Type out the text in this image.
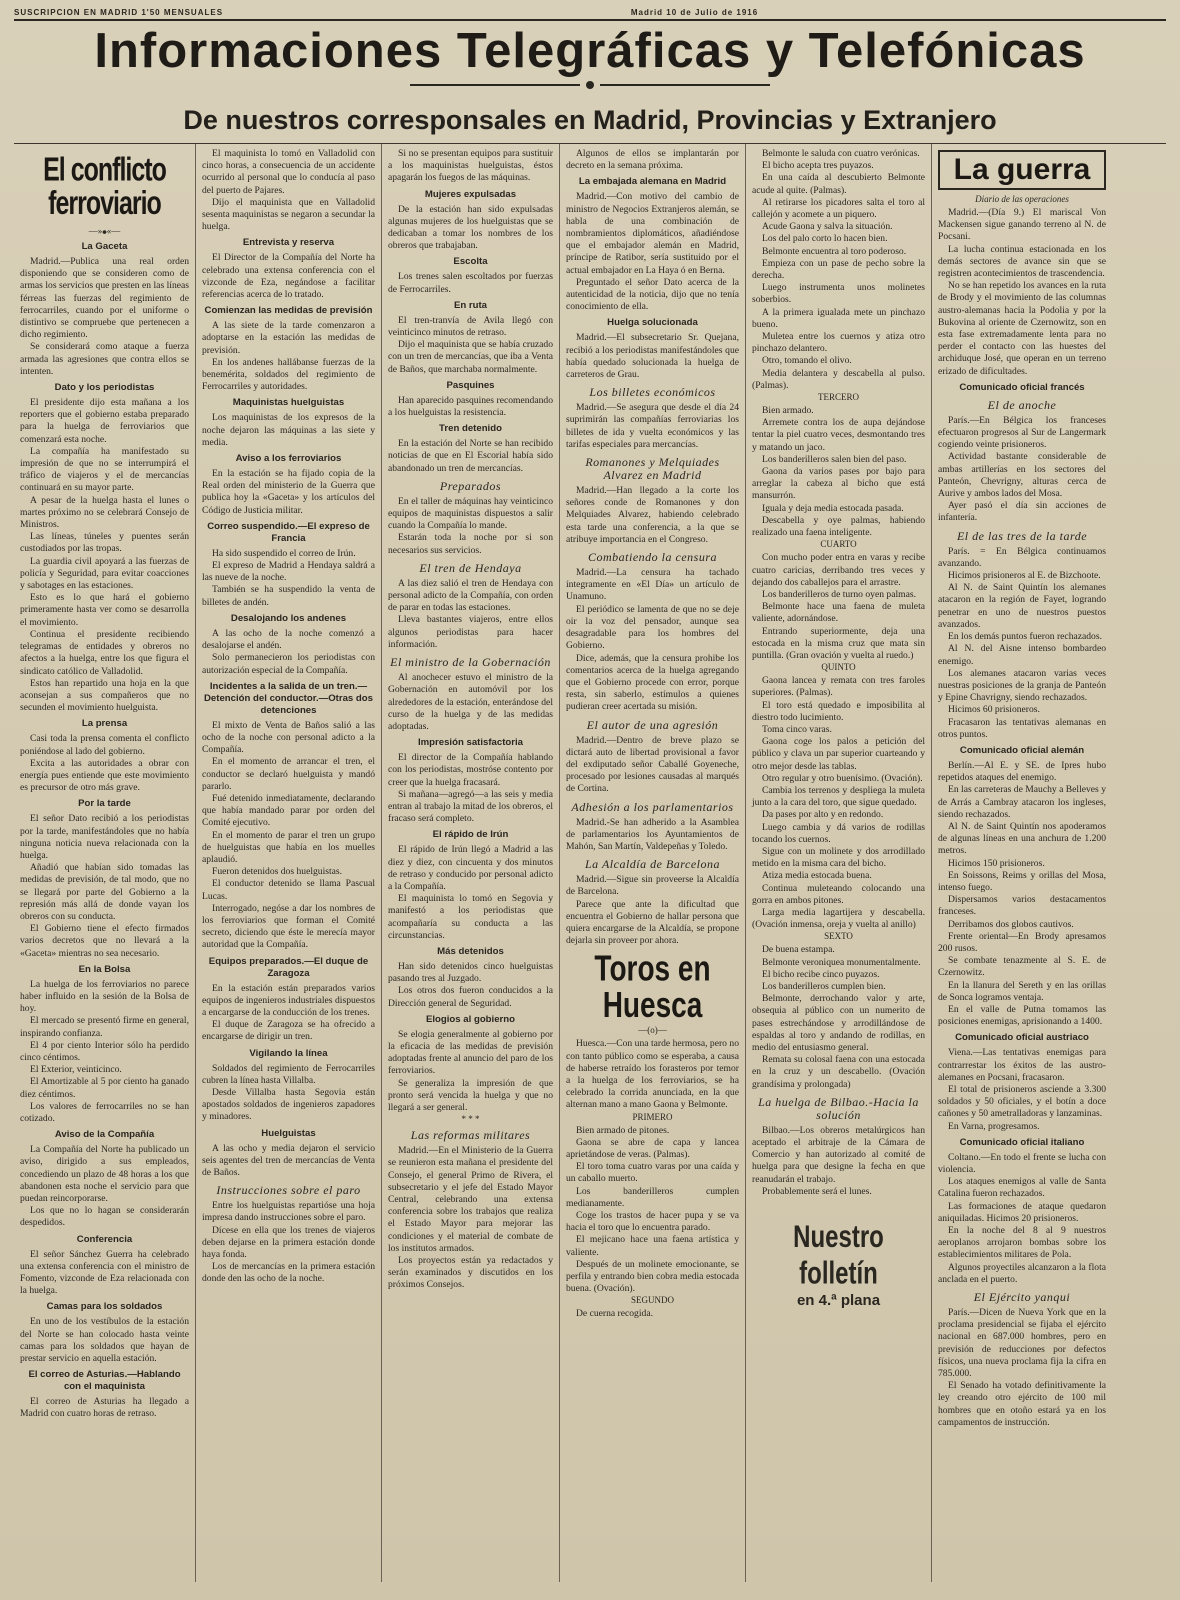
SUSCRIPCION EN MADRID 1'50 MENSUALES	Madrid 10 de Julio de 1916
Informaciones Telegráficas y Telefónicas
De nuestros corresponsales en Madrid, Provincias y Extranjero
El conflicto ferroviario
—»⦁«—
La Gaceta

Madrid.—Publica una real orden disponiendo que se consideren como de armas los servicios que presten en las líneas férreas las fuerzas del regimiento de ferrocarriles, cuando por el uniforme o distintivo se compruebe que pertenecen a dicho regimiento.

Se considerará como ataque a fuerza armada las agresiones que contra ellos se intenten.

Dato y los periodistas

El presidente dijo esta mañana a los reporters que el gobierno estaba preparado para la huelga de ferroviarios que comenzará esta noche.

La compañía ha manifestado su impresión de que no se interrumpirá el tráfico de viajeros y el de mercancías continuará en su mayor parte.

A pesar de la huelga hasta el lunes o martes próximo no se celebrará Consejo de Ministros.

Las líneas, túneles y puentes serán custodiados por las tropas.

La guardia civil apoyará a las fuerzas de policía y Seguridad, para evitar coacciones y sabotages en las estaciones.

Esto es lo que hará el gobierno primeramente hasta ver como se desarrolla el movimiento.

Continua el presidente recibiendo telegramas de entidades y obreros no afectos a la huelga, entre los que figura el sindicato católico de Valladolid.

Estos han repartido una hoja en la que aconsejan a sus compañeros que no secunden el movimiento huelguista.

La prensa

Casi toda la prensa comenta el conflicto poniéndose al lado del gobierno.

Excita a las autoridades a obrar con energía pues entiende que este movimiento es precursor de otro más grave.

Por la tarde

El señor Dato recibió a los periodistas por la tarde, manifestándoles que no había ninguna noticia nueva relacionada con la huelga.

Añadió que habían sido tomadas las medidas de previsión, de tal modo, que no se llegará por parte del Gobierno a la represión más allá de donde vayan los obreros con su conducta.

El Gobierno tiene el efecto firmados varios decretos que no llevará a la «Gaceta» mientras no sea necesario.

En la Bolsa

La huelga de los ferroviarios no parece haber influido en la sesión de la Bolsa de hoy.

El mercado se presentó firme en general, inspirando confianza.

El 4 por ciento Interior sólo ha perdido cinco céntimos.

El Exterior, veinticinco.

El Amortizable al 5 por ciento ha ganado diez céntimos.

Los valores de ferrocarriles no se han cotizado.

Aviso de la Compañía

La Compañía del Norte ha publicado un aviso, dirigido a sus empleados, concediendo un plazo de 48 horas a los que abandonen esta noche el servicio para que puedan reincorporarse.

Los que no lo hagan se considerarán despedidos.

Conferencia

El señor Sánchez Guerra ha celebrado una extensa conferencia con el ministro de Fomento, vizconde de Eza relacionada con la huelga.

Camas para los soldados

En uno de los vestíbulos de la estación del Norte se han colocado hasta veinte camas para los soldados que hayan de prestar servicio en aquella estación.

El correo de Asturias.—Hablando con el maquinista

El correo de Asturias ha llegado a Madrid con cuatro horas de retraso.

El maquinista lo tomó en Valladolid con cinco horas, a consecuencia de un accidente ocurrido al personal que lo conducía al paso del puerto de Pajares.

Dijo el maquinista que en Valladolid sesenta maquinistas se negaron a secundar la huelga.

Entrevista y reserva

El Director de la Compañía del Norte ha celebrado una extensa conferencia con el vizconde de Eza, negándose a facilitar referencias acerca de lo tratado.

Comienzan las medidas de previsión

A las siete de la tarde comenzaron a adoptarse en la estación las medidas de previsión.

En los andenes hallábanse fuerzas de la benemérita, soldados del regimiento de Ferrocarriles y autoridades.

Maquinistas huelguistas

Los maquinistas de los expresos de la noche dejaron las máquinas a las siete y media.

Aviso a los ferroviarios

En la estación se ha fijado copia de la Real orden del ministerio de la Guerra que publica hoy la «Gaceta» y los artículos del Código de Justicia militar.

Correo suspendido.—El expreso de Francia

Ha sido suspendido el correo de Irún.

El expreso de Madrid a Hendaya saldrá a las nueve de la noche.

También se ha suspendido la venta de billetes de andén.

Desalojando los andenes

A las ocho de la noche comenzó a desalojarse el andén.

Solo permanecieron los periodistas con autorización especial de la Compañía.

Incidentes a la salida de un tren.—Detención del conductor.—Otras dos detenciones

El mixto de Venta de Baños salió a las ocho de la noche con personal adicto a la Compañía.

En el momento de arrancar el tren, el conductor se declaró huelguista y mandó pararlo.

Fué detenido inmediatamente, declarando que había mandado parar por orden del Comité ejecutivo.

En el momento de parar el tren un grupo de huelguistas que había en los muelles aplaudió.

Fueron detenidos dos huelguistas.

El conductor detenido se llama Pascual Lucas.

Interrogado, negóse a dar los nombres de los ferroviarios que forman el Comité secreto, diciendo que éste le merecía mayor autoridad que la Compañía.

Equipos preparados.—El duque de Zaragoza

En la estación están preparados varios equipos de ingenieros industriales dispuestos a encargarse de la conducción de los trenes.

El duque de Zaragoza se ha ofrecido a encargarse de dirigir un tren.

Vigilando la línea

Soldados del regimiento de Ferrocarriles cubren la línea hasta Villalba.

Desde Villalba hasta Segovia están apostados soldados de ingenieros zapadores y minadores.

Huelguistas

A las ocho y media dejaron el servicio seis agentes del tren de mercancías de Venta de Baños.

Instrucciones sobre el paro

Entre los huelguistas repartióse una hoja impresa dando instrucciones sobre el paro.

Dícese en ella que los trenes de viajeros deben dejarse en la primera estación donde haya fonda.

Los de mercancías en la primera estación donde den las ocho de la noche.

Si no se presentan equipos para sustituir a los maquinistas huelguistas, éstos apagarán los fuegos de las máquinas.

Mujeres expulsadas

De la estación han sido expulsadas algunas mujeres de los huelguistas que se dedicaban a tomar los nombres de los obreros que trabajaban.

Escolta

Los trenes salen escoltados por fuerzas de Ferrocarriles.

En ruta

El tren-tranvía de Avila llegó con veinticinco minutos de retraso.

Dijo el maquinista que se había cruzado con un tren de mercancías, que iba a Venta de Baños, que marchaba normalmente.

Pasquines

Han aparecido pasquines recomendando a los huelguistas la resistencia.

Tren detenido

En la estación del Norte se han recibido noticias de que en El Escorial había sido abandonado un tren de mercancías.

Preparados

En el taller de máquinas hay veinticinco equipos de maquinistas dispuestos a salir cuando la Compañía lo mande.

Estarán toda la noche por si son necesarios sus servicios.

El tren de Hendaya

A las diez salió el tren de Hendaya con personal adicto de la Compañía, con orden de parar en todas las estaciones.

Lleva bastantes viajeros, entre ellos algunos periodistas para hacer información.

El ministro de la Gobernación

Al anochecer estuvo el ministro de la Gobernación en automóvil por los alrededores de la estación, enterándose del curso de la huelga y de las medidas adoptadas.

Impresión satisfactoria

El director de la Compañía hablando con los periodistas, mostróse contento por creer que la huelga fracasará.

Si mañana—agregó—a las seis y media entran al trabajo la mitad de los obreros, el fracaso será completo.

El rápido de Irún

El rápido de Irún llegó a Madrid a las diez y diez, con cincuenta y dos minutos de retraso y conducido por personal adicto a la Compañía.

El maquinista lo tomó en Segovia y manifestó a los periodistas que acompañaría su conducta a las circunstancias.

Más detenidos

Han sido detenidos cinco huelguistas pasando tres al Juzgado.

Los otros dos fueron conducidos a la Dirección general de Seguridad.

Elogios al gobierno

Se elogia generalmente al gobierno por la eficacia de las medidas de previsión adoptadas frente al anuncio del paro de los ferroviarios.

Se generaliza la impresión de que pronto será vencida la huelga y que no llegará a ser general.

* * *
Las reformas militares

Madrid.—En el Ministerio de la Guerra se reunieron esta mañana el presidente del Consejo, el general Primo de Rivera, el subsecretario y el jefe del Estado Mayor Central, celebrando una extensa conferencia sobre los trabajos que realiza el Estado Mayor para mejorar las condiciones y el material de combate de los institutos armados.

Los proyectos están ya redactados y serán examinados y discutidos en los próximos Consejos.

Algunos de ellos se implantarán por decreto en la semana próxima.

La embajada alemana en Madrid

Madrid.—Con motivo del cambio de ministro de Negocios Extranjeros alemán, se habla de una combinación de nombramientos diplomáticos, añadiéndose que el embajador alemán en Madrid, príncipe de Ratibor, sería sustituido por el actual embajador en La Haya ó en Berna.

Preguntado el señor Dato acerca de la autenticidad de la noticia, dijo que no tenía conocimiento de ella.

Huelga solucionada

Madrid.—El subsecretario Sr. Quejana, recibió a los periodistas manifestándoles que había quedado solucionada la huelga de carreteros de Grau.

Los billetes económicos

Madrid.—Se asegura que desde el día 24 suprimirán las compañías ferroviarias los billetes de ida y vuelta económicos y las tarifas especiales para mercancías.

Romanones y Melquiades Alvarez en Madrid

Madrid.—Han llegado a la corte los señores conde de Romanones y don Melquiades Alvarez, habiendo celebrado esta tarde una conferencia, a la que se atribuye importancia en el Congreso.

Combatiendo la censura

Madrid.—La censura ha tachado íntegramente en «El Día» un artículo de Unamuno.

El periódico se lamenta de que no se deje oir la voz del pensador, aunque sea desagradable para los hombres del Gobierno.

Dice, además, que la censura prohibe los comentarios acerca de la huelga agregando que el Gobierno procede con error, porque resta, sin saberlo, estímulos a quienes pudieran creer acertada su misión.

El autor de una agresión

Madrid.—Dentro de breve plazo se dictará auto de libertad provisional a favor del exdiputado señor Caballé Goyeneche, procesado por lesiones causadas al marqués de Cortina.

Adhesión a los parlamentarios

Madrid.-Se han adherido a la Asamblea de parlamentarios los Ayuntamientos de Mahón, San Martín, Valdepeñas y Toledo.

La Alcaldía de Barcelona

Madrid.—Sigue sin proveerse la Alcaldía de Barcelona.

Parece que ante la dificultad que encuentra el Gobierno de hallar persona que quiera encargarse de la Alcaldía, se propone dejarla sin proveer por ahora.

Toros en Huesca
—(o)—

Huesca.—Con una tarde hermosa, pero no con tanto público como se esperaba, a causa de haberse retraído los forasteros por temor a la huelga de los ferroviarios, se ha celebrado la corrida anunciada, en la que alternan mano a mano Gaona y Belmonte.

PRIMERO

Bien armado de pitones.

Gaona se abre de capa y lancea aprietándose de veras. (Palmas).

El toro toma cuatro varas por una caída y un caballo muerto.

Los banderilleros cumplen medianamente.

Coge los trastos de hacer pupa y se va hacia el toro que lo encuentra parado.

El mejicano hace una faena artística y valiente.

Después de un molinete emocionante, se perfila y entrando bien cobra media estocada buena. (Ovación).

SEGUNDO

De cuerna recogida.

Belmonte le saluda con cuatro verónicas.

El bicho acepta tres puyazos.

En una caída al descubierto Belmonte acude al quite. (Palmas).

Al retirarse los picadores salta el toro al callejón y acomete a un piquero.

Acude Gaona y salva la situación.

Los del palo corto lo hacen bien.

Belmonte encuentra al toro poderoso.

Empieza con un pase de pecho sobre la derecha.

Luego instrumenta unos molinetes soberbios.

A la primera igualada mete un pinchazo bueno.

Muletea entre los cuernos y atiza otro pinchazo delantero.

Otro, tomando el olivo.

Media delantera y descabella al pulso. (Palmas).

TERCERO

Bien armado.

Arremete contra los de aupa dejándose tentar la piel cuatro veces, desmontando tres y matando un jaco.

Los banderilleros salen bien del paso.

Gaona da varios pases por bajo para arreglar la cabeza al bicho que está mansurrón.

Iguala y deja media estocada pasada.

Descabella y oye palmas, habiendo realizado una faena inteligente.

CUARTO

Con mucho poder entra en varas y recibe cuatro caricias, derribando tres veces y dejando dos caballejos para el arrastre.

Los banderilleros de turno oyen palmas.

Belmonte hace una faena de muleta valiente, adornándose.

Entrando superiormente, deja una estocada en la misma cruz que mata sin puntilla. (Gran ovación y vuelta al ruedo.)

QUINTO

Gaona lancea y remata con tres faroles superiores. (Palmas).

El toro está quedado e imposibilita al diestro todo lucimiento.

Toma cinco varas.

Gaona coge los palos a petición del público y clava un par superior cuarteando y otro mejor desde las tablas.

Otro regular y otro buenísimo. (Ovación).

Cambia los terrenos y despliega la muleta junto a la cara del toro, que sigue quedado.

Da pases por alto y en redondo.

Luego cambia y dá varios de rodillas tocando los cuernos.

Sigue con un molinete y dos arrodillado metido en la misma cara del bicho.

Atiza media estocada buena.

Continua muleteando colocando una gorra en ambos pitones.

Larga media lagartijera y descabella. (Ovación inmensa, oreja y vuelta al anillo)

SEXTO

De buena estampa.

Belmonte veroniquea monumentalmente.

El bicho recibe cinco puyazos.

Los banderilleros cumplen bien.

Belmonte, derrochando valor y arte, obsequia al público con un numerito de pases estrechándose y arrodillándose de espaldas al toro y andando de rodillas, en medio del entusiasmo general.

Remata su colosal faena con una estocada en la cruz y un descabello. (Ovación grandísima y prolongada)

La huelga de Bilbao.-Hacia la solución

Bilbao.—Los obreros metalúrgicos han aceptado el arbitraje de la Cámara de Comercio y han autorizado al comité de huelga para que designe la fecha en que reanudarán el trabajo.

Probablemente será el lunes.

Nuestro folletín
en 4.ª plana
La guerra
Diario de las operaciones

Madrid.—(Día 9.) El mariscal Von Mackensen sigue ganando terreno al N. de Pocsani.

La lucha continua estacionada en los demás sectores de avance sin que se registren acontecimientos de trascendencia.

No se han repetido los avances en la ruta de Brody y el movimiento de las columnas austro-alemanas hacia la Podolia y por la Bukovina al oriente de Czernowitz, son en esta fase extremadamente lenta para no perder el contacto con las huestes del archiduque José, que operan en un terreno erizado de dificultades.

Comunicado oficial francés
El de anoche

París.—En Bélgica los franceses efectuaron progresos al Sur de Langermark cogiendo veinte prisioneros.

Actividad bastante considerable de ambas artillerías en los sectores del Panteón, Chevrigny, alturas cerca de Aurive y ambos lados del Mosa.

Ayer pasó el día sin acciones de infantería.

El de las tres de la tarde

París. = En Bélgica continuamos avanzando.

Hicimos prisioneros al E. de Bizchoote.

Al N. de Saint Quintín los alemanes atacaron en la región de Fayet, logrando penetrar en uno de nuestros puestos avanzados.

En los demás puntos fueron rechazados.

Al N. del Aisne intenso bombardeo enemigo.

Los alemanes atacaron varias veces nuestras posiciones de la granja de Panteón y Epine Chavrigny, siendo rechazados.

Hicimos 60 prisioneros.

Fracasaron las tentativas alemanas en otros puntos.

Comunicado oficial alemán

Berlín.—Al E. y SE. de Ipres hubo repetidos ataques del enemigo.

En las carreteras de Mauchy a Belleves y de Arrás a Cambray atacaron los ingleses, siendo rechazados.

Al N. de Saint Quintín nos apoderamos de algunas líneas en una anchura de 1.200 metros.

Hicimos 150 prisioneros.

En Soissons, Reims y orillas del Mosa, intenso fuego.

Dispersamos varios destacamentos franceses.

Derribamos dos globos cautivos.

Frente oriental—En Brody apresamos 200 rusos.

Se combate tenazmente al S. E. de Czernowitz.

En la llanura del Sereth y en las orillas de Sonca logramos ventaja.

En el valle de Putna tomamos las posiciones enemigas, aprisionando a 1400.

Comunicado oficial austriaco

Viena.—Las tentativas enemigas para contrarrestar los éxitos de las austro-alemanes en Pocsani, fracasaron.

El total de prisioneros asciende a 3.300 soldados y 50 oficiales, y el botín a doce cañones y 50 ametralladoras y lanzaminas.

En Varna, progresamos.

Comunicado oficial italiano

Coltano.—En todo el frente se lucha con violencia.

Los ataques enemigos al valle de Santa Catalina fueron rechazados.

Las formaciones de ataque quedaron aniquiladas. Hicimos 20 prisioneros.

En la noche del 8 al 9 nuestros aeroplanos arrojaron bombas sobre los establecimientos militares de Pola.

Algunos proyectiles alcanzaron a la flota anclada en el puerto.

El Ejército yanqui

París.—Dicen de Nueva York que en la proclama presidencial se fijaba el ejército nacional en 687.000 hombres, pero en previsión de reducciones por defectos físicos, una nueva proclama fija la cifra en 785.000.

El Senado ha votado definitivamente la ley creando otro ejército de 100 mil hombres que en otoño estará ya en los campamentos de instrucción.
